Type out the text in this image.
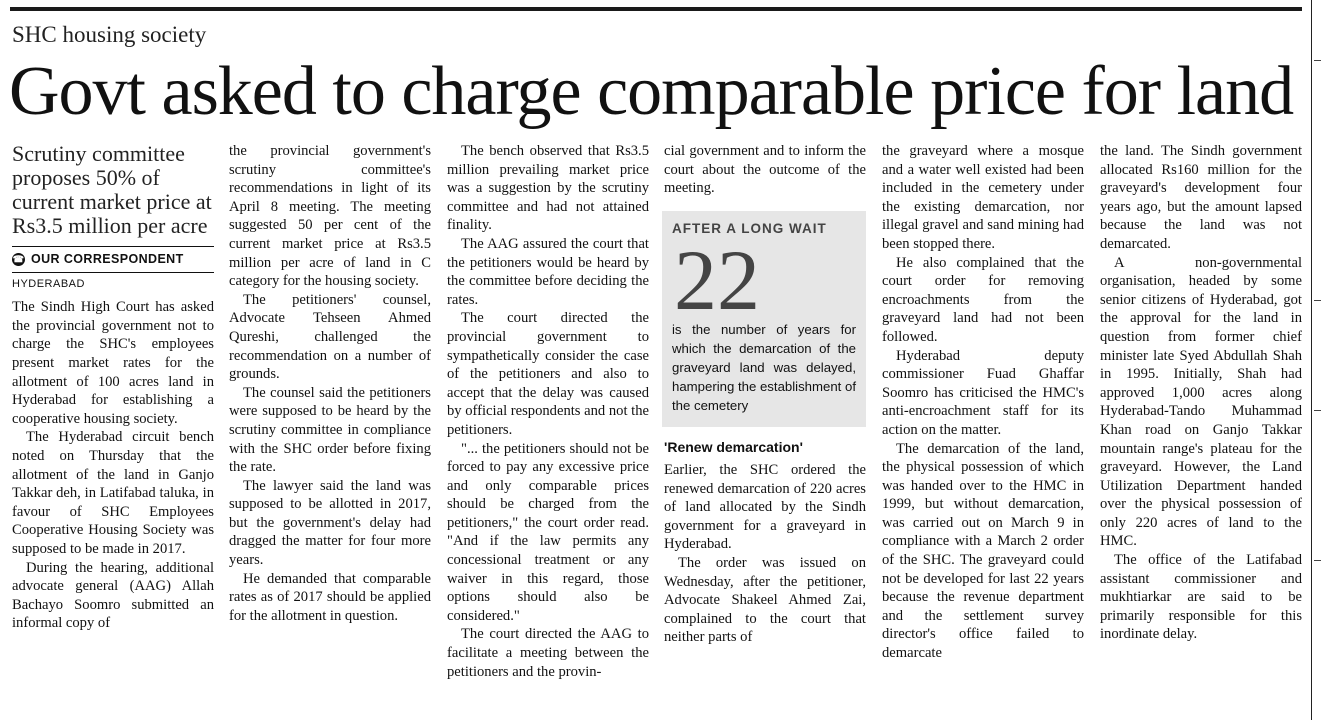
SHC housing society
Govt asked to charge comparable price for land
Scrutiny committee proposes 50% of current market price at Rs3.5 million per acre
☎ OUR CORRESPONDENT
HYDERABAD

The Sindh High Court has asked the provincial government not to charge the SHC's employees present market rates for the allotment of 100 acres land in Hyderabad for establishing a cooperative housing society.

The Hyderabad circuit bench noted on Thursday that the allotment of the land in Ganjo Takkar deh, in Latifabad taluka, in favour of SHC Employees Cooperative Housing Society was supposed to be made in 2017.

During the hearing, additional advocate general (AAG) Allah Bachayo Soomro submitted an informal copy of

the provincial government's scrutiny committee's recommendations in light of its April 8 meeting. The meeting suggested 50 per cent of the current market price at Rs3.5 million per acre of land in C category for the housing society.

The petitioners' counsel, Advocate Tehseen Ahmed Qureshi, challenged the recommendation on a number of grounds.

The counsel said the petitioners were supposed to be heard by the scrutiny committee in compliance with the SHC order before fixing the rate.

The lawyer said the land was supposed to be allotted in 2017, but the government's delay had dragged the matter for four more years.

He demanded that comparable rates as of 2017 should be applied for the allotment in question.

The bench observed that Rs3.5 million prevailing market price was a suggestion by the scrutiny committee and had not attained finality.

The AAG assured the court that the petitioners would be heard by the committee before deciding the rates.

The court directed the provincial government to sympathetically consider the case of the petitioners and also to accept that the delay was caused by official respondents and not the petitioners.

"... the petitioners should not be forced to pay any excessive price and only comparable prices should be charged from the petitioners," the court order read. "And if the law permits any concessional treatment or any waiver in this regard, those options should also be considered."

The court directed the AAG to facilitate a meeting between the petitioners and the provin-

cial government and to inform the court about the outcome of the meeting.

AFTER A LONG WAIT
22
is the number of years for which the demarcation of the graveyard land was delayed, hampering the establishment of the cemetery
'Renew demarcation'

Earlier, the SHC ordered the renewed demarcation of 220 acres of land allocated by the Sindh government for a graveyard in Hyderabad.

The order was issued on Wednesday, after the petitioner, Advocate Shakeel Ahmed Zai, complained to the court that neither parts of

the graveyard where a mosque and a water well existed had been included in the cemetery under the existing demarcation, nor illegal gravel and sand mining had been stopped there.

He also complained that the court order for removing encroachments from the graveyard land had not been followed.

Hyderabad deputy commissioner Fuad Ghaffar Soomro has criticised the HMC's anti-encroachment staff for its action on the matter.

The demarcation of the land, the physical possession of which was handed over to the HMC in 1999, but without demarcation, was carried out on March 9 in compliance with a March 2 order of the SHC. The graveyard could not be developed for last 22 years because the revenue department and the settlement survey director's office failed to demarcate

the land. The Sindh government allocated Rs160 million for the graveyard's development four years ago, but the amount lapsed because the land was not demarcated.

A non-governmental organisation, headed by some senior citizens of Hyderabad, got the approval for the land in question from former chief minister late Syed Abdullah Shah in 1995. Initially, Shah had approved 1,000 acres along Hyderabad-Tando Muhammad Khan road on Ganjo Takkar mountain range's plateau for the graveyard. However, the Land Utilization Department handed over the physical possession of only 220 acres of land to the HMC.

The office of the Latifabad assistant commissioner and mukhtiarkar are said to be primarily responsible for this inordinate delay.
